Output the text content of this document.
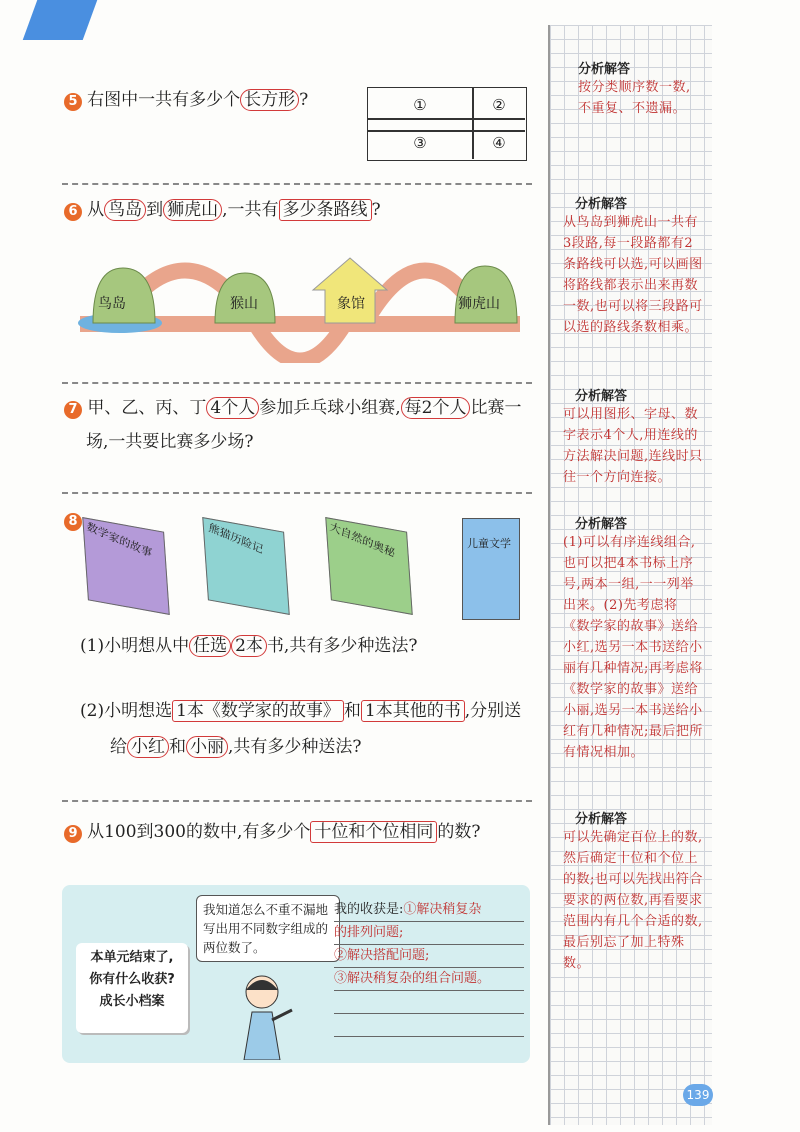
5 右图中一共有多少个 长方形 ?	①	②
③	④
6 从 鸟岛 到 狮虎山 ,一共有 多少条路线 ?
鸟岛	猴山	象馆	狮虎山
7 甲、乙、丙、丁 4个人 参加乒乓球小组赛, 每2个人 比赛一
场,一共要比赛多少场?
8 数学家的故事	熊猫历险记	大自然的奥秘	儿童文学
(1)小明想从中 任选 2本 书,共有多少种选法?
(2)小明想选 1本《数学家的故事》 和 1本其他的书 ,分别送
给 小红 和 小丽 ,共有多少种送法?
9 从100到300的数中,有多少个 十位和个位相同 的数?
本单元结束了,
你有什么收获?
成长小档案
我知道怎么不重不漏地写出用不同数字组成的两位数了。
我的收获是:①解决稍复杂
的排列问题;
②解决搭配问题;
③解决稍复杂的组合问题。
分析解答
按分类顺序数一数,不重复、不遗漏。
分析解答
从鸟岛到狮虎山一共有3段路,每一段路都有2条路线可以选,可以画图将路线都表示出来再数一数,也可以将三段路可以选的路线条数相乘。
分析解答
可以用图形、字母、数字表示4个人,用连线的方法解决问题,连线时只往一个方向连接。
分析解答
(1)可以有序连线组合,也可以把4本书标上序号,两本一组,一一列举出来。(2)先考虑将《数学家的故事》送给小红,选另一本书送给小丽有几种情况;再考虑将《数学家的故事》送给小丽,选另一本书送给小红有几种情况;最后把所有情况相加。
分析解答
可以先确定百位上的数,然后确定十位和个位上的数;也可以先找出符合要求的两位数,再看要求范围内有几个合适的数,最后别忘了加上特殊数。
139
